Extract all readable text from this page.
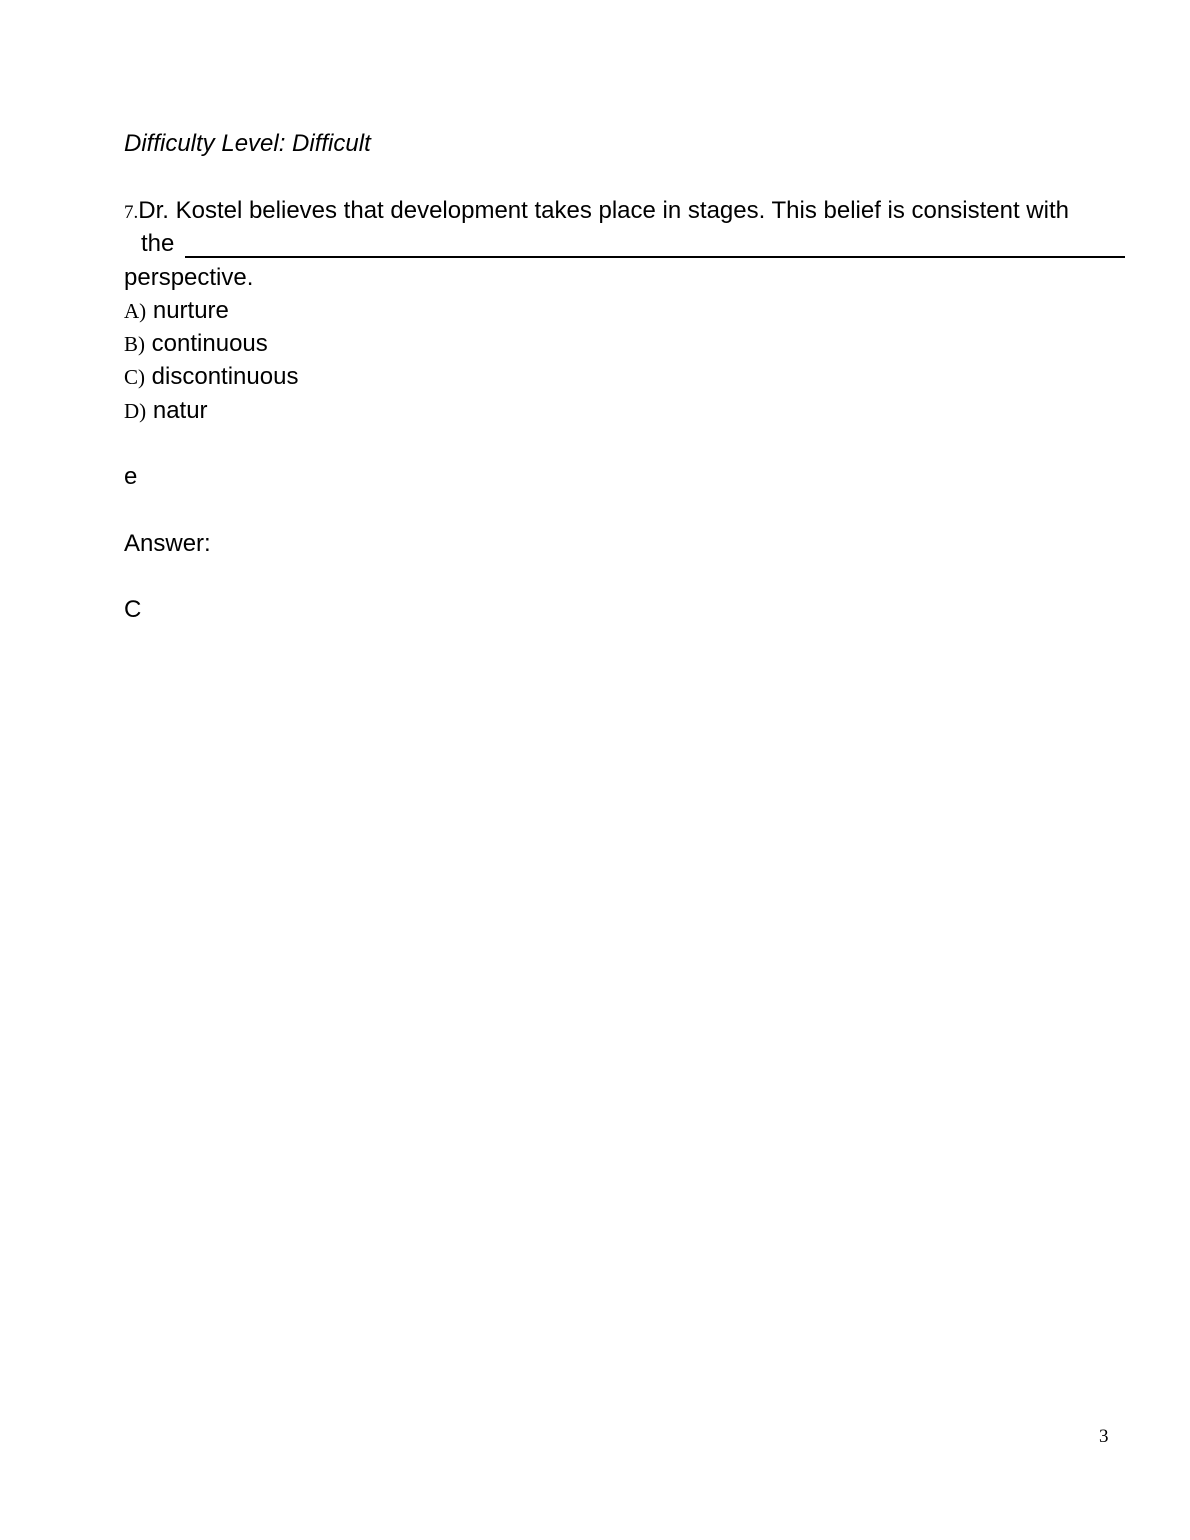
Difficulty Level: Difficult
7.Dr. Kostel believes that development takes place in stages. This belief is consistent with
the
perspective.
A) nurture
B) continuous
C) discontinuous
D) natur
e
Answer:
C
3
